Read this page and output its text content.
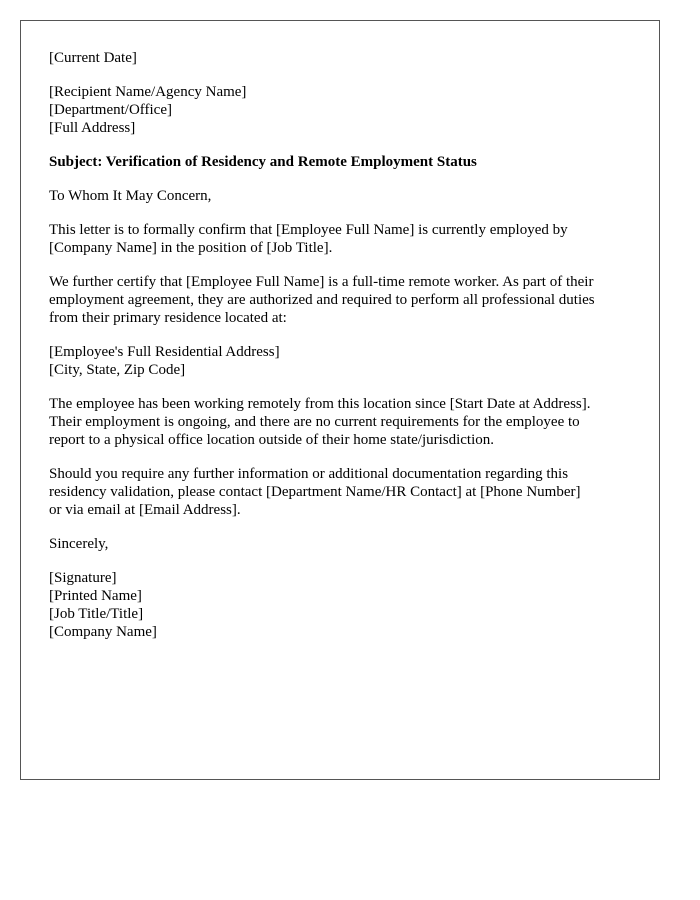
[Current Date]
[Recipient Name/Agency Name]
[Department/Office]
[Full Address]
Subject: Verification of Residency and Remote Employment Status
To Whom It May Concern,
This letter is to formally confirm that [Employee Full Name] is currently employed by
[Company Name] in the position of [Job Title].
We further certify that [Employee Full Name] is a full-time remote worker. As part of their
employment agreement, they are authorized and required to perform all professional duties
from their primary residence located at:
[Employee's Full Residential Address]
[City, State, Zip Code]
The employee has been working remotely from this location since [Start Date at Address].
Their employment is ongoing, and there are no current requirements for the employee to
report to a physical office location outside of their home state/jurisdiction.
Should you require any further information or additional documentation regarding this
residency validation, please contact [Department Name/HR Contact] at [Phone Number]
or via email at [Email Address].
Sincerely,
[Signature]
[Printed Name]
[Job Title/Title]
[Company Name]
